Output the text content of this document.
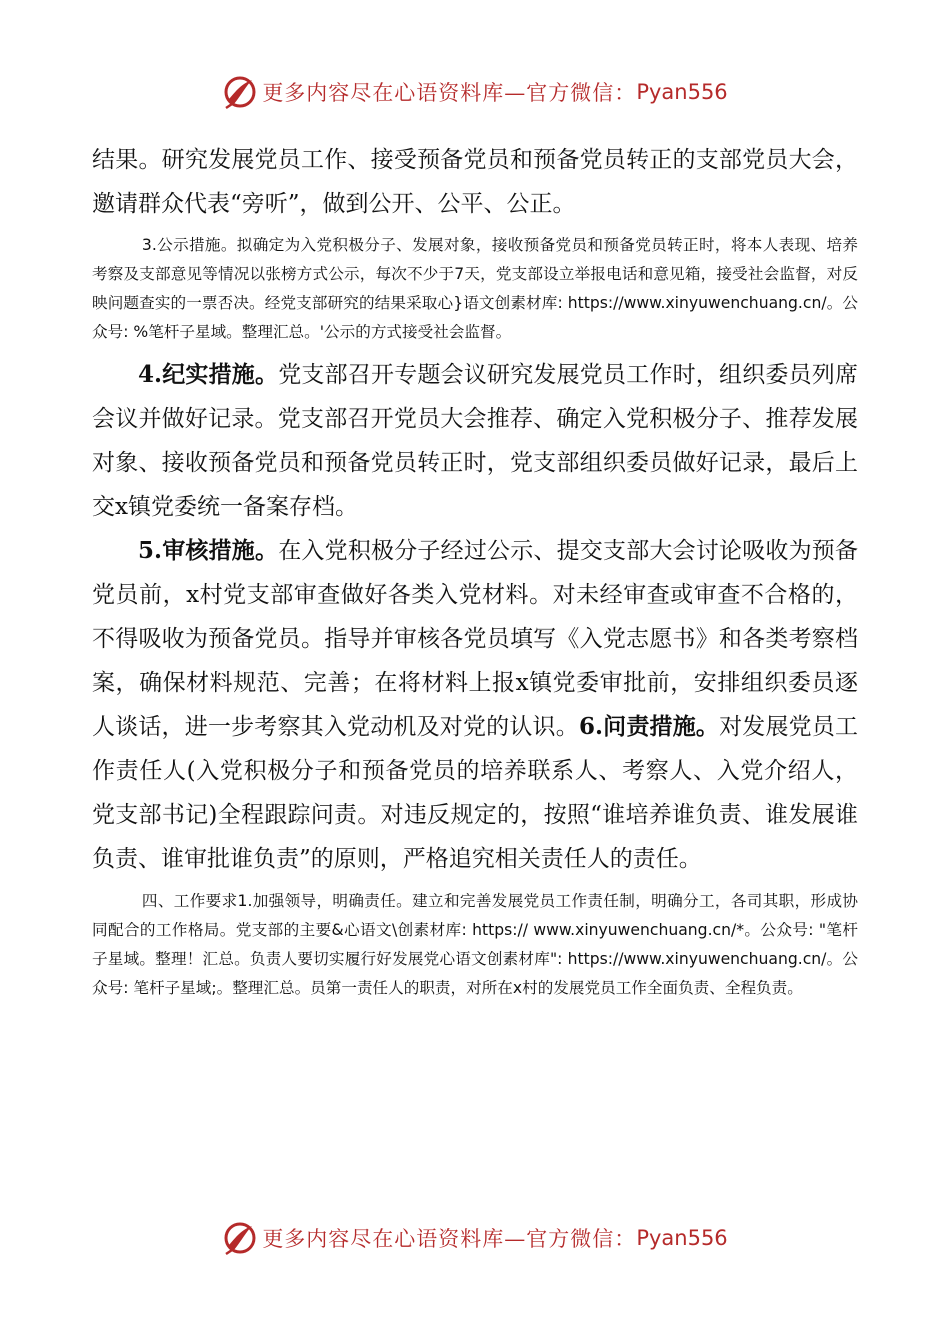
更多内容尽在心语资料库—官方微信： Pyan556

结果。研究发展党员工作、接受预备党员和预备党员转正的支部党员大会，邀请群众代表“旁听”，做到公开、公平、公正。

3.公示措施。拟确定为入党积极分子、发展对象，接收预备党员和预备党员转正时，将本人表现、培养考察及支部意见等情况以张榜方式公示，每次不少于7天，党支部设立举报电话和意见箱，接受社会监督，对反映问题查实的一票否决。经党支部研究的结果采取心}语文创素材库: https://www.xinyuwenchuang.cn/。公众号: %笔杆子星域。整理汇总。'公示的方式接受社会监督。

4.纪实措施。党支部召开专题会议研究发展党员工作时，组织委员列席会议并做好记录。党支部召开党员大会推荐、确定入党积极分子、推荐发展对象、接收预备党员和预备党员转正时，党支部组织委员做好记录，最后上交x镇党委统一备案存档。

5.审核措施。在入党积极分子经过公示、提交支部大会讨论吸收为预备党员前，x村党支部审查做好各类入党材料。对未经审查或审查不合格的，不得吸收为预备党员。指导并审核各党员填写《入党志愿书》和各类考察档案，确保材料规范、完善；在将材料上报x镇党委审批前，安排组织委员逐人谈话，进一步考察其入党动机及对党的认识。6.问责措施。对发展党员工作责任人(入党积极分子和预备党员的培养联系人、考察人、入党介绍人，党支部书记)全程跟踪问责。对违反规定的，按照“谁培养谁负责、谁发展谁负责、谁审批谁负责”的原则，严格追究相关责任人的责任。

四、工作要求1.加强领导，明确责任。建立和完善发展党员工作责任制，明确分工，各司其职，形成协同配合的工作格局。党支部的主要&心语文\创素材库: https:// www.xinyuwenchuang.cn/*。公众号: "笔杆子星域。整理！汇总。负责人要切实履行好发展党心语文创素材库": https://www.xinyuwenchuang.cn/。公众号: 笔杆子星域;。整理汇总。员第一责任人的职责，对所在x村的发展党员工作全面负责、全程负责。

更多内容尽在心语资料库—官方微信： Pyan556
